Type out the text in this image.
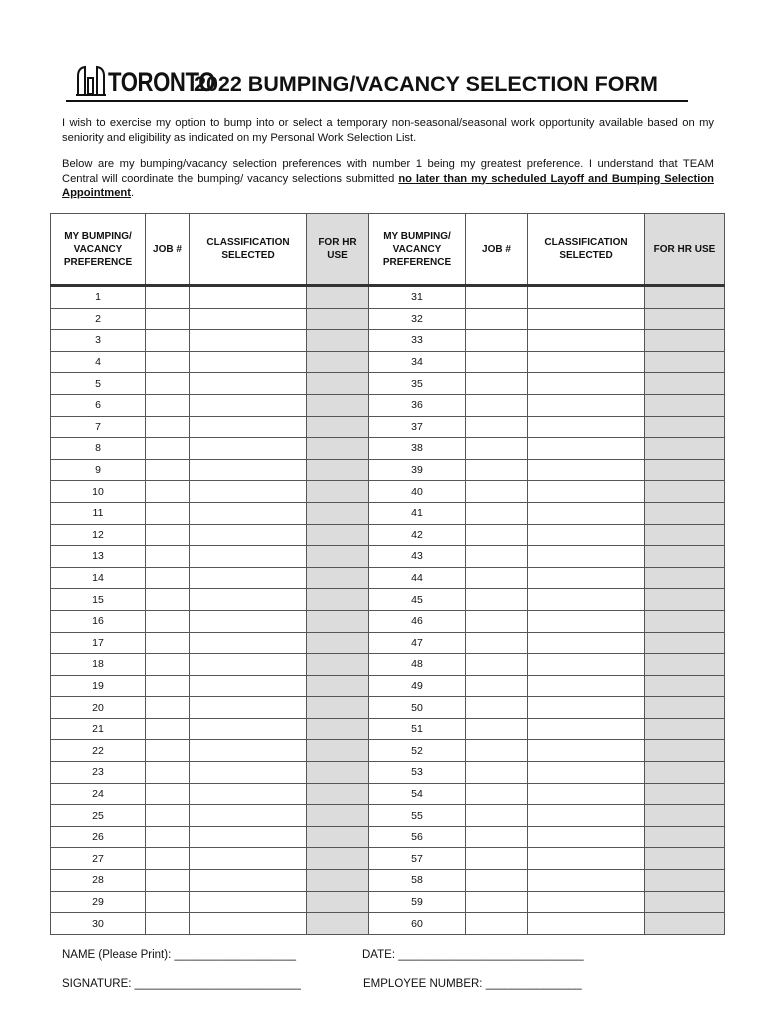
TORONTO
2022 BUMPING/VACANCY SELECTION FORM
I wish to exercise my option to bump into or select a temporary non-seasonal/seasonal work opportunity available based on my seniority and eligibility as indicated on my Personal Work Selection List.
Below are my bumping/vacancy selection preferences with number 1 being my greatest preference. I understand that TEAM Central will coordinate the bumping/ vacancy selections submitted no later than my scheduled Layoff and Bumping Selection Appointment.
MY BUMPING/ VACANCY PREFERENCE	JOB #	CLASSIFICATION SELECTED	FOR HR USE	MY BUMPING/ VACANCY PREFERENCE	JOB #	CLASSIFICATION SELECTED	FOR HR USE
1				31			
2				32			
3				33			
4				34			
5				35			
6				36			
7				37			
8				38			
9				39			
10				40			
11				41			
12				42			
13				43			
14				44			
15				45			
16				46			
17				47			
18				48			
19				49			
20				50			
21				51			
22				52			
23				53			
24				54			
25				55			
26				56			
27				57			
28				58			
29				59			
30				60			
NAME (Please Print): ___________________	DATE: _____________________________
SIGNATURE: __________________________	EMPLOYEE NUMBER: _______________
